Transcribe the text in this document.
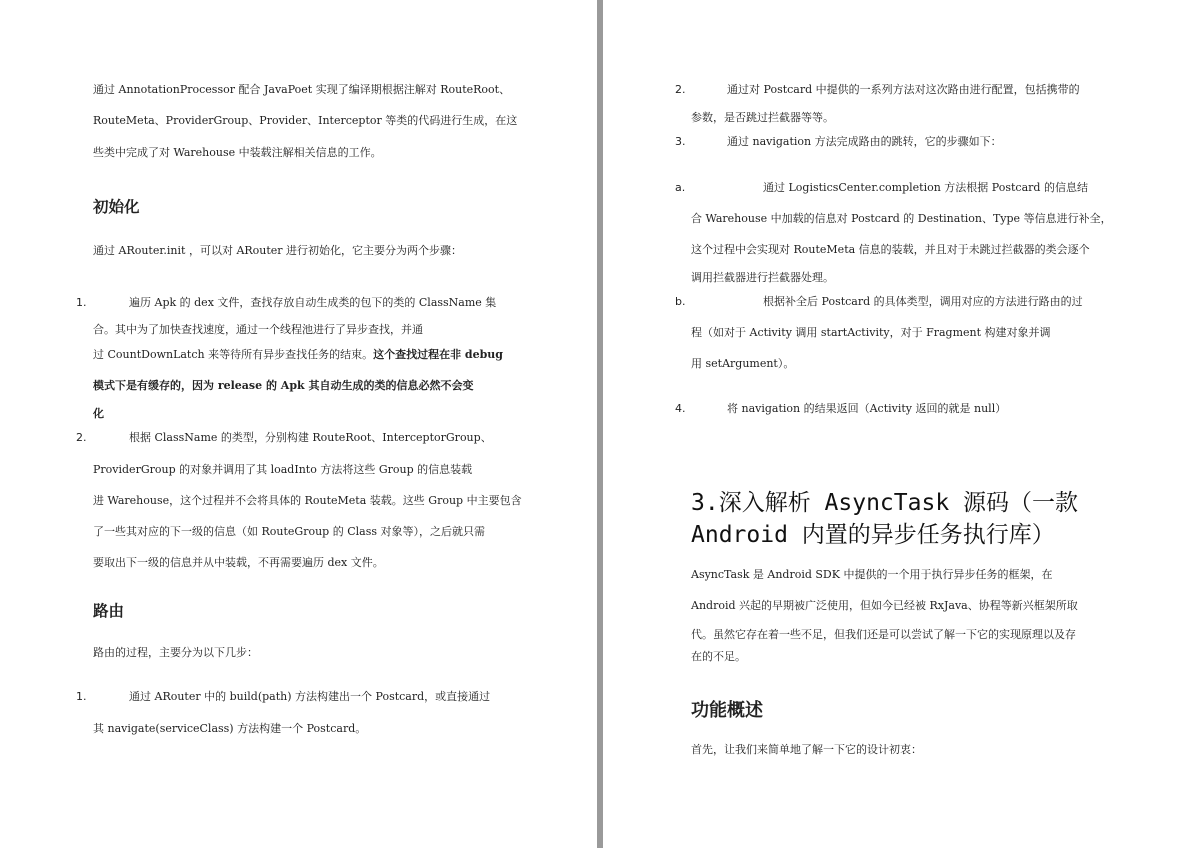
通过 AnnotationProcessor 配合 JavaPoet 实现了编译期根据注解对 RouteRoot、
RouteMeta、ProviderGroup、Provider、Interceptor 等类的代码进行生成，在这
些类中完成了对 Warehouse 中装载注解相关信息的工作。
初始化
通过 ARouter.init ，可以对 ARouter 进行初始化，它主要分为两个步骤：
1.	遍历 Apk 的 dex 文件，查找存放自动生成类的包下的类的 ClassName 集
合。其中为了加快查找速度，通过一个线程池进行了异步查找，并通
过 CountDownLatch 来等待所有异步查找任务的结束。这个查找过程在非 debug
模式下是有缓存的，因为 release 的 Apk 其自动生成的类的信息必然不会变
化
2.	根据 ClassName 的类型，分别构建 RouteRoot、InterceptorGroup、
ProviderGroup 的对象并调用了其 loadInto 方法将这些 Group 的信息装载
进 Warehouse，这个过程并不会将具体的 RouteMeta 装载。这些 Group 中主要包含
了一些其对应的下一级的信息（如 RouteGroup 的 Class 对象等），之后就只需
要取出下一级的信息并从中装载，不再需要遍历 dex 文件。
路由
路由的过程，主要分为以下几步：
1.	通过 ARouter 中的 build(path) 方法构建出一个 Postcard，或直接通过
其 navigate(serviceClass) 方法构建一个 Postcard。
2.	通过对 Postcard 中提供的一系列方法对这次路由进行配置，包括携带的
参数，是否跳过拦截器等等。
3.	通过 navigation 方法完成路由的跳转，它的步骤如下：
a.	通过 LogisticsCenter.completion 方法根据 Postcard 的信息结
合 Warehouse 中加载的信息对 Postcard 的 Destination、Type 等信息进行补全，
这个过程中会实现对 RouteMeta 信息的装载，并且对于未跳过拦截器的类会逐个
调用拦截器进行拦截器处理。
b.	根据补全后 Postcard 的具体类型，调用对应的方法进行路由的过
程（如对于 Activity 调用 startActivity，对于 Fragment 构建对象并调
用 setArgument）。
4.	将 navigation 的结果返回（Activity 返回的就是 null）
3.深入解析 AsyncTask 源码（一款
Android 内置的异步任务执行库）
AsyncTask 是 Android SDK 中提供的一个用于执行异步任务的框架，在
Android 兴起的早期被广泛使用，但如今已经被 RxJava、协程等新兴框架所取
代。虽然它存在着一些不足，但我们还是可以尝试了解一下它的实现原理以及存
在的不足。
功能概述
首先，让我们来简单地了解一下它的设计初衷：
